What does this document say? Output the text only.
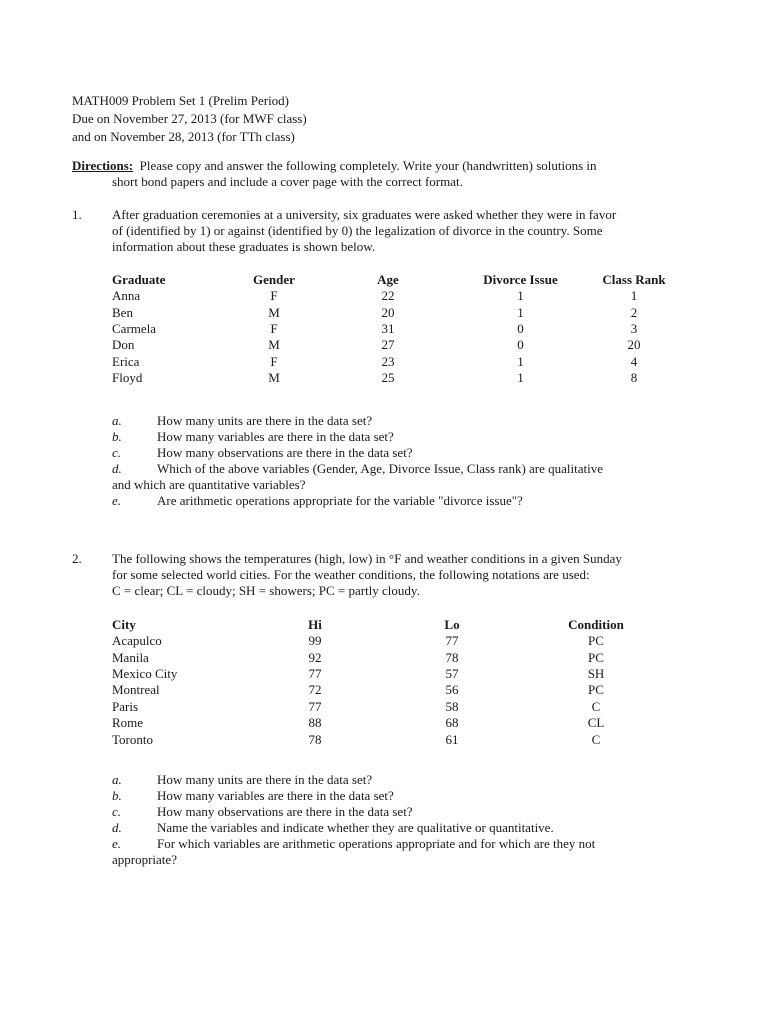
MATH009 Problem Set 1 (Prelim Period)
Due on November 27, 2013 (for MWF class)
and on November 28, 2013 (for TTh class)
Directions: Please copy and answer the following completely. Write your (handwritten) solutions in
short bond papers and include a cover page with the correct format.
1. After graduation ceremonies at a university, six graduates were asked whether they were in favor

of (identified by 1) or against (identified by 0) the legalization of divorce in the country. Some

information about these graduates is shown below.

Graduate	Gender	Age	Divorce Issue	Class Rank
Anna	F	22	1	1
Ben	M	20	1	2
Carmela	F	31	0	3
Don	M	27	0	20
Erica	F	23	1	4
Floyd	M	25	1	8
a.	How many units are there in the data set?
b.	How many variables are there in the data set?
c.	How many observations are there in the data set?
d.	Which of the above variables (Gender, Age, Divorce Issue, Class rank) are qualitative
and which are quantitative variables?
e.	Are arithmetic operations appropriate for the variable "divorce issue"?
2. The following shows the temperatures (high, low) in °F and weather conditions in a given Sunday

for some selected world cities. For the weather conditions, the following notations are used:

C = clear; CL = cloudy; SH = showers; PC = partly cloudy.

City	Hi	Lo	Condition
Acapulco	99	77	PC
Manila	92	78	PC
Mexico City	77	57	SH
Montreal	72	56	PC
Paris	77	58	C
Rome	88	68	CL
Toronto	78	61	C
a.	How many units are there in the data set?
b.	How many variables are there in the data set?
c.	How many observations are there in the data set?
d.	Name the variables and indicate whether they are qualitative or quantitative.
e.	For which variables are arithmetic operations appropriate and for which are they not
appropriate?
